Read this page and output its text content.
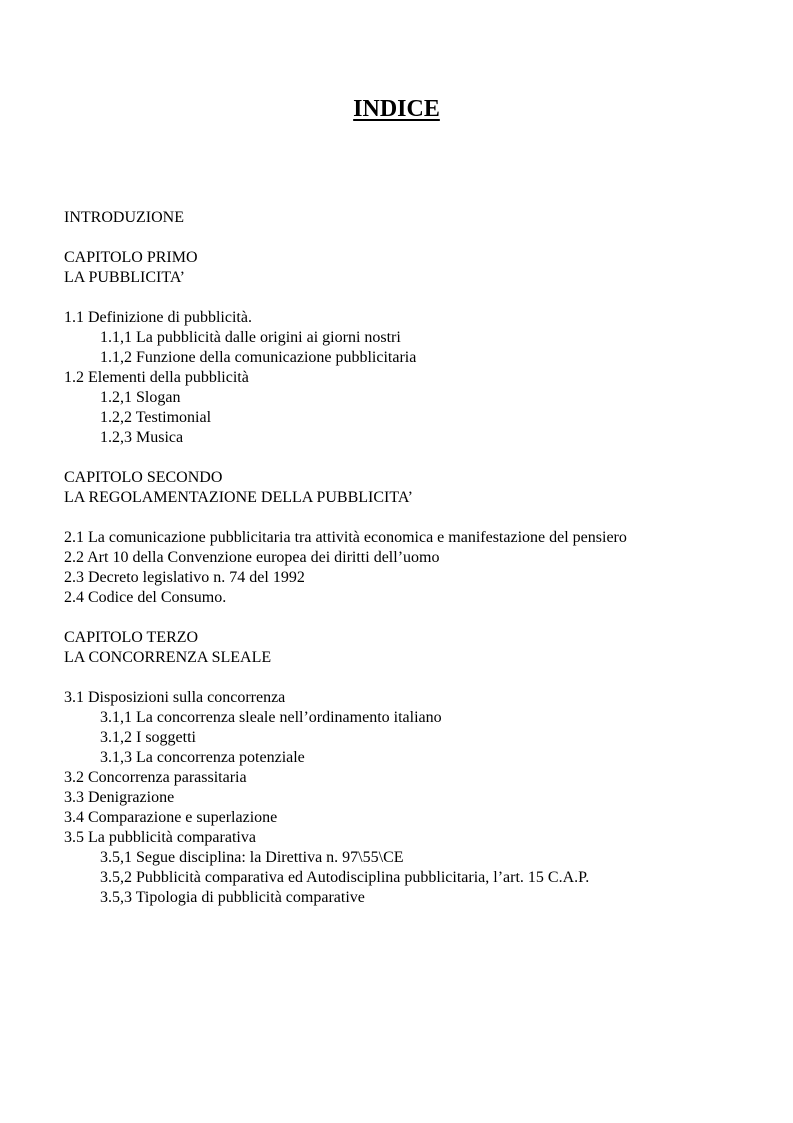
INDICE
INTRODUZIONE
CAPITOLO PRIMO
LA PUBBLICITA’
1.1 Definizione di pubblicità.
1.1,1 La pubblicità dalle origini ai giorni nostri
1.1,2 Funzione della comunicazione pubblicitaria
1.2 Elementi della pubblicità
1.2,1 Slogan
1.2,2 Testimonial
1.2,3 Musica
CAPITOLO SECONDO
LA REGOLAMENTAZIONE DELLA PUBBLICITA’
2.1 La comunicazione pubblicitaria tra attività economica e manifestazione del pensiero
2.2 Art 10 della Convenzione europea dei diritti dell’uomo
2.3 Decreto legislativo n. 74 del 1992
2.4 Codice del Consumo.
CAPITOLO TERZO
LA CONCORRENZA SLEALE
3.1 Disposizioni sulla concorrenza
3.1,1 La concorrenza sleale nell’ordinamento italiano
3.1,2 I soggetti
3.1,3 La concorrenza potenziale
3.2 Concorrenza parassitaria
3.3 Denigrazione
3.4 Comparazione e superlazione
3.5 La pubblicità comparativa
3.5,1 Segue disciplina: la Direttiva n. 97\55\CE
3.5,2 Pubblicità comparativa ed Autodisciplina pubblicitaria, l’art. 15 C.A.P.
3.5,3 Tipologia di pubblicità comparative
